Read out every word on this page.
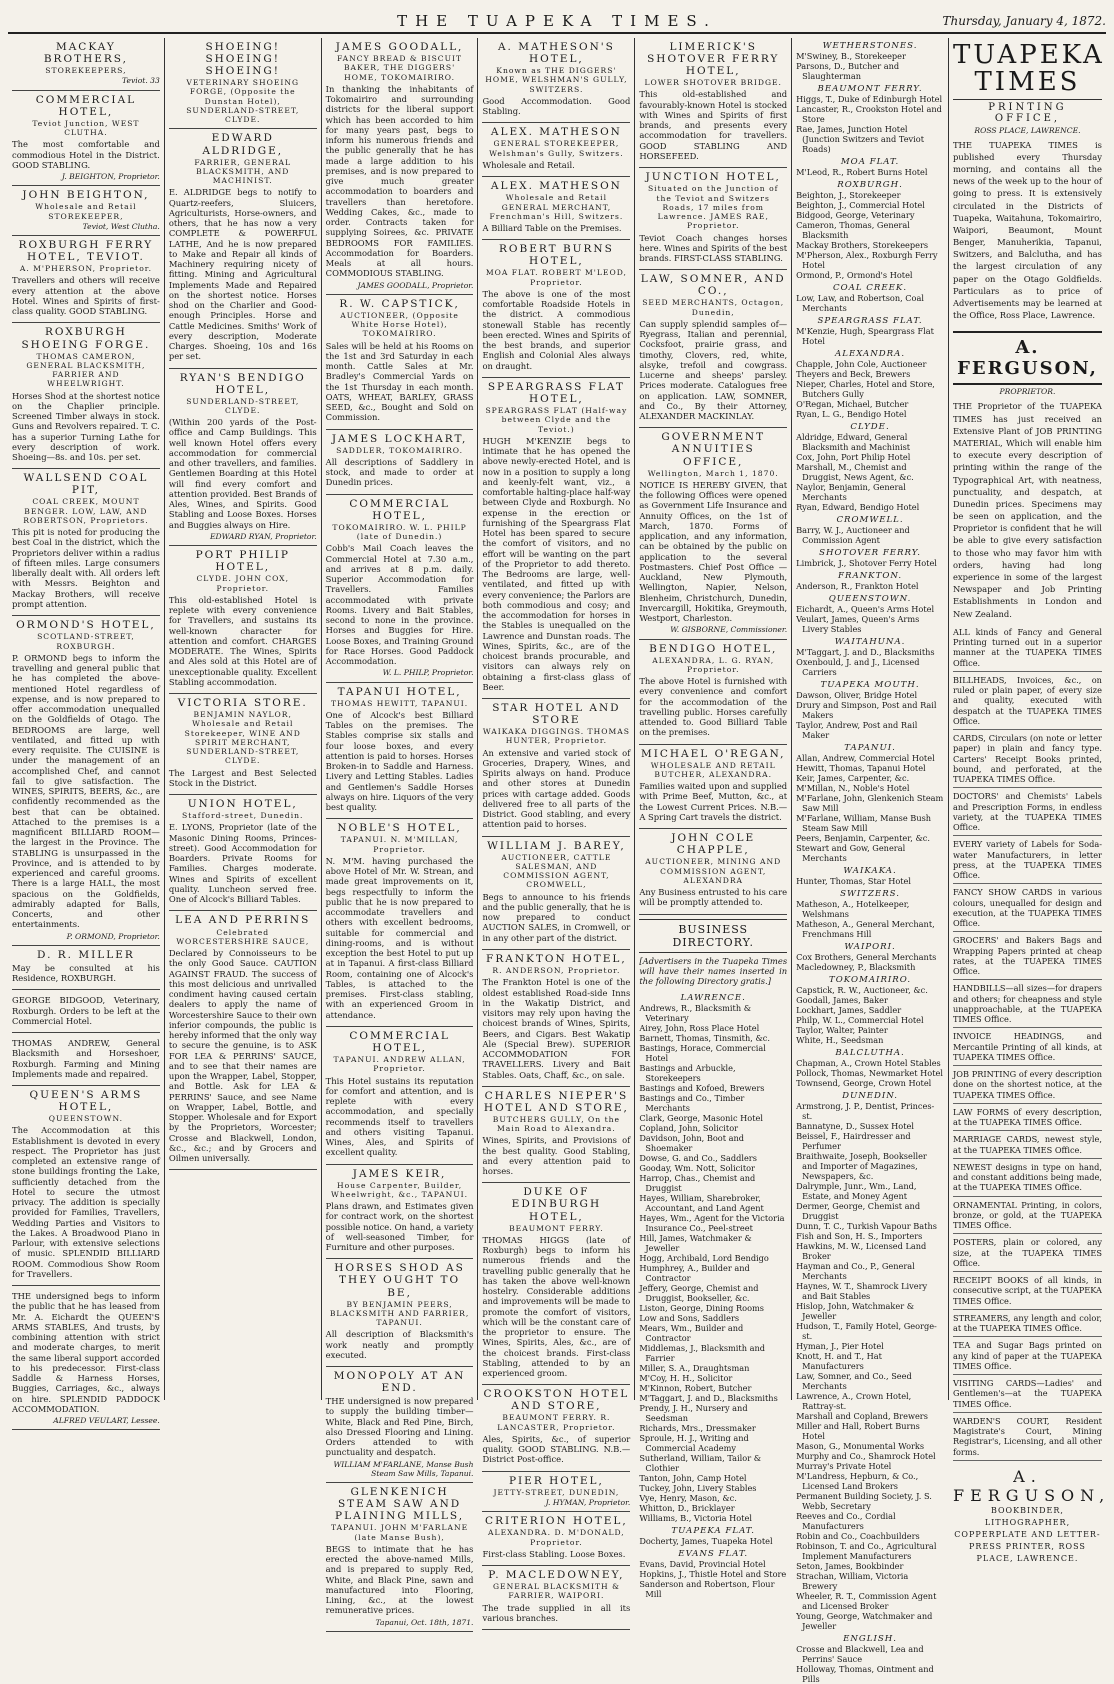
THE TUAPEKA TIMES.	Thursday, January 4, 1872.
MACKAY BROTHERS,
STOREKEEPERS,
Teviot. 33
COMMERCIAL HOTEL,
Teviot Junction, WEST CLUTHA.

The most comfortable and commodious Hotel in the District. GOOD STABLING.

J. BEIGHTON, Proprietor.
JOHN BEIGHTON,
Wholesale and Retail STOREKEEPER,
Teviot, West Clutha.
ROXBURGH FERRY HOTEL, TEVIOT.
A. M'PHERSON, Proprietor.

Travellers and others will receive every attention at the above Hotel. Wines and Spirits of first-class quality. GOOD STABLING.

ROXBURGH SHOEING FORGE.
THOMAS CAMERON, GENERAL BLACKSMITH, FARRIER AND WHEELWRIGHT.

Horses Shod at the shortest notice on the Chaplier principle. Screened Timber always in stock. Guns and Revolvers repaired. T. C. has a superior Turning Lathe for every description of work. Shoeing—8s. and 10s. per set.

WALLSEND COAL PIT,
COAL CREEK, MOUNT BENGER. LOW, LAW, AND ROBERTSON, Proprietors.

This pit is noted for producing the best Coal in the district, which the Proprietors deliver within a radius of fifteen miles. Large consumers liberally dealt with. All orders left with Messrs. Beighton and Mackay Brothers, will receive prompt attention.

ORMOND'S HOTEL,
SCOTLAND-STREET, ROXBURGH.

P. ORMOND begs to inform the travelling and general public that he has completed the above-mentioned Hotel regardless of expense, and is now prepared to offer accommodation unequalled on the Goldfields of Otago. The BEDROOMS are large, well ventilated, and fitted up with every requisite. The CUISINE is under the management of an accomplished Chef, and cannot fail to give satisfaction. The WINES, SPIRITS, BEERS, &c., are confidently recommended as the best that can be obtained. Attached to the premises is a magnificent BILLIARD ROOM—the largest in the Province. The STABLING is unsurpassed in the Province, and is attended to by experienced and careful grooms. There is a large HALL, the most spacious on the Goldfields, admirably adapted for Balls, Concerts, and other entertainments.

P. ORMOND, Proprietor.
D. R. MILLER

May be consulted at his Residence, ROXBURGH.

GEORGE BIDGOOD, Veterinary, Roxburgh. Orders to be left at the Commercial Hotel.

THOMAS ANDREW, General Blacksmith and Horseshoer, Roxburgh. Farming and Mining Implements made and repaired.

QUEEN'S ARMS HOTEL,
QUEENSTOWN.

The Accommodation at this Establishment is devoted in every respect. The Proprietor has just completed an extensive range of stone buildings fronting the Lake, sufficiently detached from the Hotel to secure the utmost privacy. The addition is specially provided for Families, Travellers, Wedding Parties and Visitors to the Lakes. A Broadwood Piano in Parlour, with extensive selections of music. SPLENDID BILLIARD ROOM. Commodious Show Room for Travellers.

THE undersigned begs to inform the public that he has leased from Mr. A. Eichardt the QUEEN'S ARMS STABLES, And trusts, by combining attention with strict and moderate charges, to merit the same liberal support accorded to his predecessor. First-class Saddle & Harness Horses, Buggies, Carriages, &c., always on hire. SPLENDID PADDOCK ACCOMMODATION.

ALFRED VEULART, Lessee.
SHOEING! SHOEING! SHOEING!
VETERINARY SHOEING FORGE, (Opposite the Dunstan Hotel), SUNDERLAND-STREET, CLYDE.
EDWARD ALDRIDGE,
FARRIER, GENERAL BLACKSMITH, AND MACHINIST.

E. ALDRIDGE begs to notify to Quartz-reefers, Sluicers, Agriculturists, Horse-owners, and others, that he has now a very COMPLETE & POWERFUL LATHE, And he is now prepared to Make and Repair all kinds of Machinery requiring nicety of fitting. Mining and Agricultural Implements Made and Repaired on the shortest notice. Horses shod on the Charlier and Good-enough Principles. Horse and Cattle Medicines. Smiths' Work of every description, Moderate Charges. Shoeing, 10s and 16s per set.

RYAN'S BENDIGO HOTEL,
SUNDERLAND-STREET, CLYDE.

(Within 200 yards of the Post-office and Camp Buildings. This well known Hotel offers every accommodation for commercial and other travellers, and families. Gentlemen Boarding at this Hotel will find every comfort and attention provided. Best Brands of Ales, Wines, and Spirits. Good Stabling and Loose Boxes. Horses and Buggies always on Hire.

EDWARD RYAN, Proprietor.
PORT PHILIP HOTEL,
CLYDE. JOHN COX, Proprietor.

This old-established Hotel is replete with every convenience for Travellers, and sustains its well-known character for attention and comfort. CHARGES MODERATE. The Wines, Spirits and Ales sold at this Hotel are of unexceptionable quality. Excellent Stabling accommodation.

VICTORIA STORE.
BENJAMIN NAYLOR, Wholesale and Retail Storekeeper, WINE AND SPIRIT MERCHANT, SUNDERLAND-STREET, CLYDE.

The Largest and Best Selected Stock in the District.

UNION HOTEL,
Stafford-street, Dunedin.

E. LYONS, Proprietor (late of the Masonic Dining Rooms, Princes-street). Good Accommodation for Boarders. Private Rooms for Families. Charges moderate. Wines and Spirits of excellent quality. Luncheon served free. One of Alcock's Billiard Tables.

LEA AND PERRINS
Celebrated WORCESTERSHIRE SAUCE,

Declared by Connoisseurs to be the only Good Sauce. CAUTION AGAINST FRAUD. The success of this most delicious and unrivalled condiment having caused certain dealers to apply the name of Worcestershire Sauce to their own inferior compounds, the public is hereby informed that the only way to secure the genuine, is to ASK FOR LEA & PERRINS' SAUCE, and to see that their names are upon the Wrapper, Label, Stopper, and Bottle. Ask for LEA & PERRINS' Sauce, and see Name on Wrapper, Label, Bottle, and Stopper. Wholesale and for Export by the Proprietors, Worcester; Crosse and Blackwell, London, &c., &c.; and by Grocers and Oilmen universally.

JAMES GOODALL,
FANCY BREAD & BISCUIT BAKER, THE DIGGERS' HOME, TOKOMAIRIRO.

In thanking the inhabitants of Tokomairiro and surrounding districts for the liberal support which has been accorded to him for many years past, begs to inform his numerous friends and the public generally that he has made a large addition to his premises, and is now prepared to give much greater accommodation to boarders and travellers than heretofore. Wedding Cakes, &c., made to order. Contracts taken for supplying Soirees, &c. PRIVATE BEDROOMS FOR FAMILIES. Accommodation for Boarders. Meals at all hours. COMMODIOUS STABLING.

JAMES GOODALL, Proprietor.
R. W. CAPSTICK,
AUCTIONEER, (Opposite White Horse Hotel), TOKOMAIRIRO.

Sales will be held at his Rooms on the 1st and 3rd Saturday in each month. Cattle Sales at Mr. Bradley's Commercial Yards on the 1st Thursday in each month. OATS, WHEAT, BARLEY, GRASS SEED, &c., Bought and Sold on Commission.

JAMES LOCKHART,
SADDLER, TOKOMAIRIRO.

All descriptions of Saddlery in stock, and made to order at Dunedin prices.

COMMERCIAL HOTEL,
TOKOMAIRIRO. W. L. PHILP (late of Dunedin.)

Cobb's Mail Coach leaves the Commercial Hotel at 7.30 a.m., and arrives at 8 p.m. daily. Superior Accommodation for Travellers. Families accommodated with private Rooms. Livery and Bait Stables, second to none in the province. Horses and Buggies for Hire. Loose Boxes, and Training Ground for Race Horses. Good Paddock Accommodation.

W. L. PHILP, Proprietor.
TAPANUI HOTEL,
THOMAS HEWITT, TAPANUI.

One of Alcock's best Billiard Tables on the premises. The Stables comprise six stalls and four loose boxes, and every attention is paid to horses. Horses Broken-in to Saddle and Harness. Livery and Letting Stables. Ladies and Gentlemen's Saddle Horses always on hire. Liquors of the very best quality.

NOBLE'S HOTEL,
TAPANUI. N. M'MILLAN, Proprietor.

N. M'M. having purchased the above Hotel of Mr. W. Strean, and made great improvements on it, begs respectfully to inform the public that he is now prepared to accommodate travellers and others with excellent bedrooms, suitable for commercial and dining-rooms, and is without exception the best Hotel to put up at in Tapanui. A first-class Billiard Room, containing one of Alcock's Tables, is attached to the premises. First-class stabling, with an experienced Groom in attendance.

COMMERCIAL HOTEL,
TAPANUI. ANDREW ALLAN, Proprietor.

This Hotel sustains its reputation for comfort and attention, and is replete with every accommodation, and specially recommends itself to travellers and others visiting Tapanui. Wines, Ales, and Spirits of excellent quality.

JAMES KEIR,
House Carpenter, Builder, Wheelwright, &c., TAPANUI.

Plans drawn, and Estimates given for contract work, on the shortest possible notice. On hand, a variety of well-seasoned Timber, for Furniture and other purposes.

HORSES SHOD AS THEY OUGHT TO BE,
BY BENJAMIN PEERS, BLACKSMITH AND FARRIER, TAPANUI.

All description of Blacksmith's work neatly and promptly executed.

MONOPOLY AT AN END.

THE undersigned is now prepared to supply the building timber—White, Black and Red Pine, Birch, also Dressed Flooring and Lining. Orders attended to with punctuality and despatch.

WILLIAM M'FARLANE, Manse Bush Steam Saw Mills, Tapanui.
GLENKENICH STEAM SAW AND PLAINING MILLS,
TAPANUI. JOHN M'FARLANE (late Manse Bush),

BEGS to intimate that he has erected the above-named Mills, and is prepared to supply Red, White, and Black Pine, sawn and manufactured into Flooring, Lining, &c., at the lowest remunerative prices.

Tapanui, Oct. 18th, 1871.
A. MATHESON'S HOTEL,
Known as THE DIGGERS' HOME, WELSHMAN'S GULLY, SWITZERS.

Good Accommodation. Good Stabling.

ALEX. MATHESON
GENERAL STOREKEEPER, Welshman's Gully, Switzers.

Wholesale and Retail.

ALEX. MATHESON
Wholesale and Retail GENERAL MERCHANT, Frenchman's Hill, Switzers.

A Billiard Table on the Premises.

ROBERT BURNS HOTEL,
MOA FLAT. ROBERT M'LEOD, Proprietor.

The above is one of the most comfortable Roadside Hotels in the district. A commodious stonewall Stable has recently been erected. Wines and Spirits of the best brands, and superior English and Colonial Ales always on draught.

SPEARGRASS FLAT HOTEL,
SPEARGRASS FLAT (Half-way between Clyde and the Teviot.)

HUGH M'KENZIE begs to intimate that he has opened the above newly-erected Hotel, and is now in a position to supply a long and keenly-felt want, viz., a comfortable halting-place half-way between Clyde and Roxburgh. No expense in the erection or furnishing of the Speargrass Flat Hotel has been spared to secure the comfort of visitors, and no effort will be wanting on the part of the Proprietor to add thereto. The Bedrooms are large, well-ventilated, and fitted up with every convenience; the Parlors are both commodious and cosy; and the accommodation for horses in the Stables is unequalled on the Lawrence and Dunstan roads. The Wines, Spirits, &c., are of the choicest brands procurable, and visitors can always rely on obtaining a first-class glass of Beer.

STAR HOTEL AND STORE
WAIKAKA DIGGINGS. THOMAS HUNTER, Proprietor.

An extensive and varied stock of Groceries, Drapery, Wines, and Spirits always on hand. Produce and other stores at Dunedin prices with cartage added. Goods delivered free to all parts of the District. Good stabling, and every attention paid to horses.

WILLIAM J. BAREY,
AUCTIONEER, CATTLE SALESMAN, AND COMMISSION AGENT, CROMWELL,

Begs to announce to his friends and the public generally, that he is now prepared to conduct AUCTION SALES, in Cromwell, or in any other part of the district.

FRANKTON HOTEL,
R. ANDERSON, Proprietor.

The Frankton Hotel is one of the oldest established Road-side Inns in the Wakatip District, and visitors may rely upon having the choicest brands of Wines, Spirits, Beers, and Cigars. Best Wakatip Ale (Special Brew). SUPERIOR ACCOMMODATION FOR TRAVELLERS. Livery and Bait Stables. Oats, Chaff, &c., on sale.

CHARLES NIEPER'S HOTEL AND STORE,
BUTCHERS GULLY, On the Main Road to Alexandra.

Wines, Spirits, and Provisions of the best quality. Good Stabling, and every attention paid to horses.

DUKE OF EDINBURGH HOTEL,
BEAUMONT FERRY.

THOMAS HIGGS (late of Roxburgh) begs to inform his numerous friends and the travelling public generally that he has taken the above well-known hostelry. Considerable additions and improvements will be made to promote the comfort of visitors, which will be the constant care of the proprietor to ensure. The Wines, Spirits, Ales, &c., are of the choicest brands. First-class Stabling, attended to by an experienced groom.

CROOKSTON HOTEL AND STORE,
BEAUMONT FERRY. R. LANCASTER, Proprietor.

Ales, Spirits, &c., of superior quality. GOOD STABLING. N.B.—District Post-office.

PIER HOTEL,
JETTY-STREET, DUNEDIN,
J. HYMAN, Proprietor.
CRITERION HOTEL,
ALEXANDRA. D. M'DONALD, Proprietor.

First-class Stabling. Loose Boxes.

P. MACLEDOWNEY,
GENERAL BLACKSMITH & FARRIER, WAIPORI.

The trade supplied in all its various branches.

LIMERICK'S SHOTOVER FERRY HOTEL,
LOWER SHOTOVER BRIDGE.

This old-established and favourably-known Hotel is stocked with Wines and Spirits of first brands, and presents every accommodation for travellers. GOOD STABLING AND HORSEFEED.

JUNCTION HOTEL,
Situated on the Junction of the Teviot and Switzers Roads, 17 miles from Lawrence. JAMES RAE, Proprietor.

Teviot Coach changes horses here. Wines and Spirits of the best brands. FIRST-CLASS STABLING.

LAW, SOMNER, AND CO.,
SEED MERCHANTS, Octagon, Dunedin,

Can supply splendid samples of—Ryegrass, Italian and perennial, Cocksfoot, prairie grass, and timothy, Clovers, red, white, alsyke, trefoil and cowgrass. Lucerne and sheeps' parsley. Prices moderate. Catalogues free on application. LAW, SOMNER, and Co., By their Attorney, ALEXANDER MACKINLAY.

GOVERNMENT ANNUITIES OFFICE,
Wellington, March 1, 1870.

NOTICE IS HEREBY GIVEN, that the following Offices were opened as Government Life Insurance and Annuity Offices, on the 1st of March, 1870. Forms of application, and any information, can be obtained by the public on application to the several Postmasters. Chief Post Office — Auckland, New Plymouth, Wellington, Napier, Nelson, Blenheim, Christchurch, Dunedin, Invercargill, Hokitika, Greymouth, Westport, Charleston.

W. GISBORNE, Commissioner.
BENDIGO HOTEL,
ALEXANDRA, L. G. RYAN, Proprietor.

The above Hotel is furnished with every convenience and comfort for the accommodation of the travelling public. Horses carefully attended to. Good Billiard Table on the premises.

MICHAEL O'REGAN,
WHOLESALE AND RETAIL BUTCHER, ALEXANDRA.

Families waited upon and supplied with Prime Beef, Mutton, &c., at the Lowest Current Prices. N.B.—A Spring Cart travels the district.

JOHN COLE CHAPPLE,
AUCTIONEER, MINING AND COMMISSION AGENT, ALEXANDRA

Any Business entrusted to his care will be promptly attended to.

BUSINESS DIRECTORY.
[Advertisers in the Tuapeka Times will have their names inserted in the following Directory gratis.]
LAWRENCE.
Andrews, R., Blacksmith & Veterinary
Airey, John, Ross Place Hotel
Barnett, Thomas, Tinsmith, &c.
Bastings, Horace, Commercial Hotel
Bastings and Arbuckle, Storekeepers
Bastings and Kofoed, Brewers
Bastings and Co., Timber Merchants
Clark, George, Masonic Hotel
Copland, John, Solicitor
Davidson, John, Boot and Shoemaker
Dowse, G. and Co., Saddlers
Gooday, Wm. Nott, Solicitor
Harrop, Chas., Chemist and Druggist
Hayes, William, Sharebroker, Accountant, and Land Agent
Hayes, Wm., Agent for the Victoria Insurance Co., Peel-street
Hill, James, Watchmaker & Jeweller
Hogg, Archibald, Lord Bendigo
Humphrey, A., Builder and Contractor
Jeffery, George, Chemist and Druggist, Bookseller, &c.
Liston, George, Dining Rooms
Low and Sons, Saddlers
Mears, Wm., Builder and Contractor
Middlemas, J., Blacksmith and Farrier
Miller, S. A., Draughtsman
M'Coy, H. H., Solicitor
M'Kinnon, Robert, Butcher
M'Taggart, J. and D., Blacksmiths
Prendy, J. H., Nursery and Seedsman
Richards, Mrs., Dressmaker
Sproule, H. J., Writing and Commercial Academy
Sutherland, William, Tailor & Clothier
Tanton, John, Camp Hotel
Tuckey, John, Livery Stables
Vye, Henry, Mason, &c.
Whitton, D., Bricklayer
Williams, B., Victoria Hotel
TUAPEKA FLAT.
Docherty, James, Tuapeka Hotel
EVANS FLAT.
Evans, David, Provincial Hotel
Hopkins, J., Thistle Hotel and Store
Sanderson and Robertson, Flour Mill
WETHERSTONES.
M'Swiney, B., Storekeeper
Parsons, D., Butcher and Slaughterman
BEAUMONT FERRY.
Higgs, T., Duke of Edinburgh Hotel
Lancaster, R., Crookston Hotel and Store
Rae, James, Junction Hotel (Junction Switzers and Teviot Roads)
MOA FLAT.
M'Leod, R., Robert Burns Hotel
ROXBURGH.
Beighton, J., Storekeeper
Beighton, J., Commercial Hotel
Bidgood, George, Veterinary
Cameron, Thomas, General Blacksmith
Mackay Brothers, Storekeepers
M'Pherson, Alex., Roxburgh Ferry Hotel
Ormond, P., Ormond's Hotel
COAL CREEK.
Low, Law, and Robertson, Coal Merchants
SPEARGRASS FLAT.
M'Kenzie, Hugh, Speargrass Flat Hotel
ALEXANDRA.
Chapple, John Cole, Auctioneer
Theyers and Beck, Brewers
Nieper, Charles, Hotel and Store, Butchers Gully
O'Regan, Michael, Butcher
Ryan, L. G., Bendigo Hotel
CLYDE.
Aldridge, Edward, General Blacksmith and Machinist
Cox, John, Port Philip Hotel
Marshall, M., Chemist and Druggist, News Agent, &c.
Naylor, Benjamin, General Merchants
Ryan, Edward, Bendigo Hotel
CROMWELL.
Barry, W. J., Auctioneer and Commission Agent
SHOTOVER FERRY.
Limbrick, J., Shotover Ferry Hotel
FRANKTON.
Anderson, R., Frankton Hotel
QUEENSTOWN.
Eichardt, A., Queen's Arms Hotel
Veulart, James, Queen's Arms Livery Stables
WAITAHUNA.
M'Taggart, J. and D., Blacksmiths
Oxenbould, J. and J., Licensed Carriers
TUAPEKA MOUTH.
Dawson, Oliver, Bridge Hotel
Drury and Simpson, Post and Rail Makers
Taylor, Andrew, Post and Rail Maker
TAPANUI.
Allan, Andrew, Commercial Hotel
Hewitt, Thomas, Tapanui Hotel
Keir, James, Carpenter, &c.
M'Millan, N., Noble's Hotel
M'Farlane, John, Glenkenich Steam Saw Mill
M'Farlane, William, Manse Bush Steam Saw Mill
Peers, Benjamin, Carpenter, &c.
Stewart and Gow, General Merchants
WAIKAKA.
Hunter, Thomas, Star Hotel
SWITZERS.
Matheson, A., Hotelkeeper, Welshmans
Matheson, A., General Merchant, Frenchmans Hill
WAIPORI.
Cox Brothers, General Merchants
Macledowney, P., Blacksmith
TOKOMAIRIRO.
Capstick, R. W., Auctioneer, &c.
Goodall, James, Baker
Lockhart, James, Saddler
Philp, W. L., Commercial Hotel
Taylor, Walter, Painter
White, H., Seedsman
BALCLUTHA.
Chapman, A., Crown Hotel Stables
Pollock, Thomas, Newmarket Hotel
Townsend, George, Crown Hotel
DUNEDIN.
Armstrong, J. P., Dentist, Princes-st.
Bannatyne, D., Sussex Hotel
Beissel, F., Hairdresser and Perfumer
Braithwaite, Joseph, Bookseller and Importer of Magazines, Newspapers, &c.
Dalrymple, Junr., Wm., Land, Estate, and Money Agent
Dermer, George, Chemist and Druggist
Dunn, T. C., Turkish Vapour Baths
Fish and Son, H. S., Importers
Hawkins, M. W., Licensed Land Broker
Hayman and Co., P., General Merchants
Haynes, W. T., Shamrock Livery and Bait Stables
Hislop, John, Watchmaker & Jeweller
Hudson, T., Family Hotel, George-st.
Hyman, J., Pier Hotel
Knott, H. and T., Hat Manufacturers
Law, Somner, and Co., Seed Merchants
Lawrence, A., Crown Hotel, Rattray-st.
Marshall and Copland, Brewers
Miller and Hall, Robert Burns Hotel
Mason, G., Monumental Works
Murphy and Co., Shamrock Hotel
Murray's Private Hotel
M'Landress, Hepburn, & Co., Licensed Land Brokers
Permanent Building Society, J. S. Webb, Secretary
Reeves and Co., Cordial Manufacturers
Robin and Co., Coachbuilders
Robinson, T. and Co., Agricultural Implement Manufacturers
Seton, James, Bookbinder
Strachan, William, Victoria Brewery
Wheeler, R. T., Commission Agent and Licensed Broker
Young, George, Watchmaker and Jeweller
ENGLISH.
Crosse and Blackwell, Lea and Perrins' Sauce
Holloway, Thomas, Ointment and Pills
TUAPEKA TIMES
PRINTING OFFICE,
ROSS PLACE, LAWRENCE.
THE TUAPEKA TIMES is published every Thursday morning, and contains all the news of the week up to the hour of going to press. It is extensively circulated in the Districts of Tuapeka, Waitahuna, Tokomairiro, Waipori, Beaumont, Mount Benger, Manuherikia, Tapanui, Switzers, and Balclutha, and has the largest circulation of any paper on the Otago Goldfields. Particulars as to price of Advertisements may be learned at the Office, Ross Place, Lawrence.
A. FERGUSON,
PROPRIETOR.
THE Proprietor of the TUAPEKA TIMES has just received an Extensive Plant of JOB PRINTING MATERIAL, Which will enable him to execute every description of printing within the range of the Typographical Art, with neatness, punctuality, and despatch, at Dunedin prices. Specimens may be seen on application, and the Proprietor is confident that he will be able to give every satisfaction to those who may favor him with orders, having had long experience in some of the largest Newspaper and Job Printing Establishments in London and New Zealand.
ALL kinds of Fancy and General Printing turned out in a superior manner at the TUAPEKA TIMES Office.
BILLHEADS, Invoices, &c., on ruled or plain paper, of every size and quality, executed with despatch at the TUAPEKA TIMES Office.
CARDS, Circulars (on note or letter paper) in plain and fancy type. Carters' Receipt Books printed, bound, and perforated, at the TUAPEKA TIMES Office.
DOCTORS' and Chemists' Labels and Prescription Forms, in endless variety, at the TUAPEKA TIMES Office.
EVERY variety of Labels for Soda-water Manufacturers, in letter press, at the TUAPEKA TIMES Office.
FANCY SHOW CARDS in various colours, unequalled for design and execution, at the TUAPEKA TIMES Office.
GROCERS' and Bakers Bags and Wrapping Papers printed at cheap rates, at the TUAPEKA TIMES Office.
HANDBILLS—all sizes—for drapers and others; for cheapness and style unapproachable, at the TUAPEKA TIMES Office.
INVOICE HEADINGS, and Mercantile Printing of all kinds, at TUAPEKA TIMES Office.
JOB PRINTING of every description done on the shortest notice, at the TUAPEKA TIMES Office.
LAW FORMS of every description, at the TUAPEKA TIMES Office.
MARRIAGE CARDS, newest style, at the TUAPEKA TIMES Office.
NEWEST designs in type on hand, and constant additions being made, at the TUAPEKA TIMES Office.
ORNAMENTAL Printing, in colors, bronze, or gold, at the TUAPEKA TIMES Office.
POSTERS, plain or colored, any size, at the TUAPEKA TIMES Office.
RECEIPT BOOKS of all kinds, in consecutive script, at the TUAPEKA TIMES Office.
STREAMERS, any length and color, at the TUAPEKA TIMES Office.
TEA and Sugar Bags printed on any kind of paper at the TUAPEKA TIMES Office.
VISITING CARDS—Ladies' and Gentlemen's—at the TUAPEKA TIMES Office.
WARDEN'S COURT, Resident Magistrate's Court, Mining Registrar's, Licensing, and all other forms.
A. FERGUSON,
BOOKBINDER, LITHOGRAPHER, COPPERPLATE AND LETTER-PRESS PRINTER, ROSS PLACE, LAWRENCE.
